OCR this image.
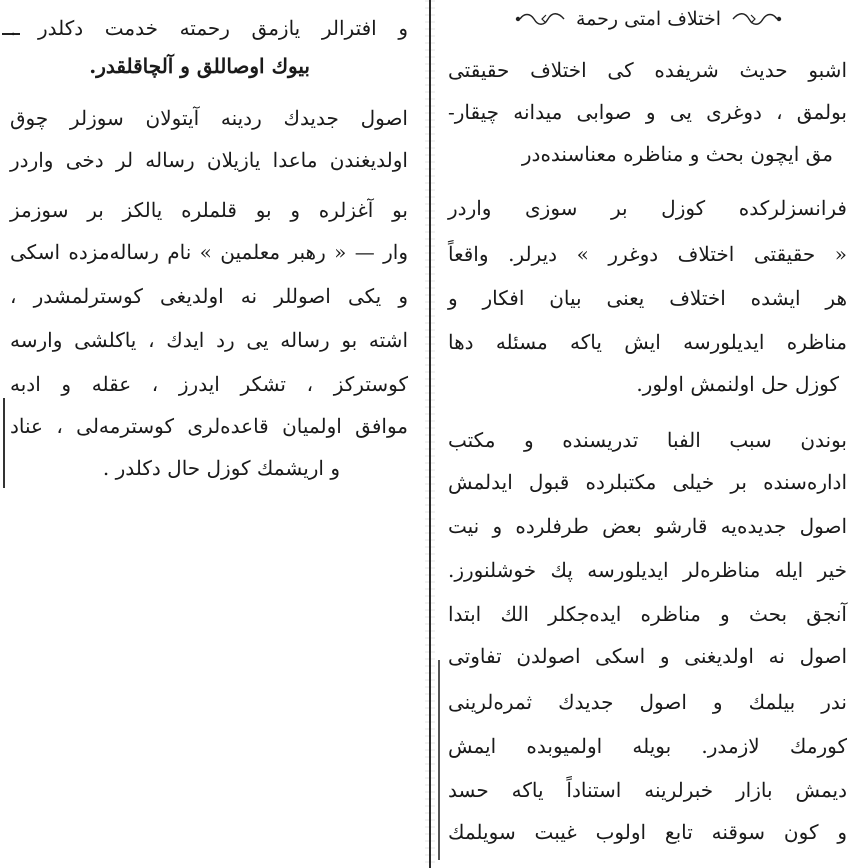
و افترالر یازمق رحمته خدمت دکلدر .
بیوك اوصاللق و آلچاقلقدر.
اصول جدیدك ردینه آیتولان سوزلر چوق
اولدیغندن ماعدا یازیلان رساله لر دخی واردر
بو آغزلره و بو قلملره یالکز بر سوزمز
وار — « رهبر معلمین » نام رساله‌مزده اسکی
و یکی اصوللر نه اولدیغی کوسترلمشدر ،
اشته بو رساله یی رد ایدك ، یاکلشی وارسه
کوسترکز ، تشکر ایدرز ، عقله و ادبه
موافق اولمیان قاعده‌لری کوسترمه‌لی ، عناد
و اریشمك کوزل حال دکلدر .
اختلاف امتی رحمة
اشبو حدیث شریفده کی اختلاف حقیقتی
بولمق ، دوغری یی و صوابی میدانه چیقار-
مق ایچون بحث و مناظره معناسنده‌در
فرانسزلرکده کوزل بر سوزی واردر
« حقیقتی اختلاف دوغرر » دیرلر. واقعاً
هر ایشده اختلاف یعنی بیان افکار و
مناظره ایدیلورسه ایش یاکه مسئله دها
کوزل حل اولنمش اولور.
بوندن سبب الفبا تدریسنده و مکتب
اداره‌سنده بر خیلی مکتبلرده قبول ایدلمش
اصول جدیده‌یه قارشو بعض طرفلرده و نیت
خیر ایله مناظره‌لر ایدیلورسه پك خوشلنورز.
آنجق بحث و مناظره ایده‌جکلر الك ابتدا
اصول نه اولدیغنی و اسکی اصولدن تفاوتی
ندر بیلمك و اصول جدیدك ثمره‌لرینی
کورمك لازمدر. بویله اولمیوبده ایمش
دیمش بازار خبرلرینه استناداً یاکه حسد
و کون سوقنه تابع اولوب غیبت سویلمك
